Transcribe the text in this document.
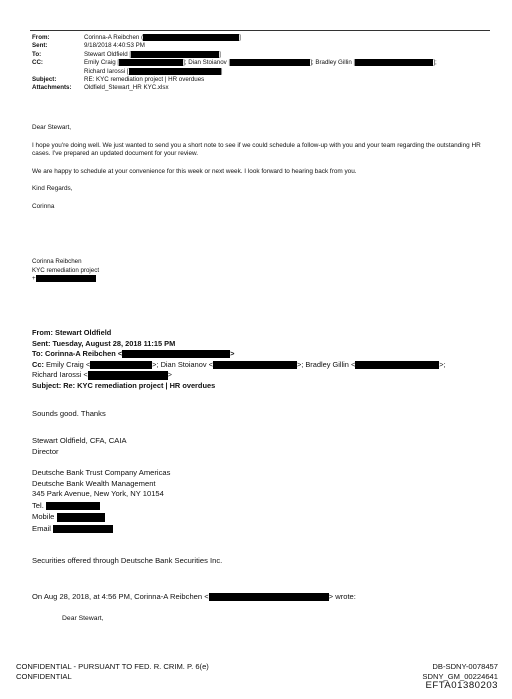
From:	Corinna-A Reibchen (	]
Sent:	9/18/2018 4:40:53 PM
To:	Stewart Oldfield [	]
CC:	Emily Craig [	]; Dian Stoianov [	]; Bradley Gillin [	];
Richard Iarossi [	]
Subject:	RE: KYC remediation project | HR overdues
Attachments:	Oldfield_Stewart_HR KYC.xlsx

Dear Stewart,

I hope you're doing well. We just wanted to send you a short note to see if we could schedule a follow-up with you and your team regarding the outstanding HR cases. I've prepared an updated document for your review.

We are happy to schedule at your convenience for this week or next week. I look forward to hearing back from you.

Kind Regards,

Corinna

Corinna Reibchen
KYC remediation project
+
From: Stewart Oldfield
Sent: Tuesday, August 28, 2018 11:15 PM
To: Corinna-A Reibchen <	>
Cc: Emily Craig <	>; Dian Stoianov <	>; Bradley Gillin <	>;
Richard Iarossi <	>
Subject: Re: KYC remediation project | HR overdues
Sounds good. Thanks
Stewart Oldfield, CFA, CAIA
Director
Deutsche Bank Trust Company Americas
Deutsche Bank Wealth Management
345 Park Avenue, New York, NY 10154
Tel.
Mobile
Email
Securities offered through Deutsche Bank Securities Inc.
On Aug 28, 2018, at 4:56 PM, Corinna-A Reibchen <	> wrote:
Dear Stewart,
CONFIDENTIAL - PURSUANT TO FED. R. CRIM. P. 6(e)
CONFIDENTIAL
DB-SDNY-0078457
SDNY_GM_00224641
EFTA01380203
